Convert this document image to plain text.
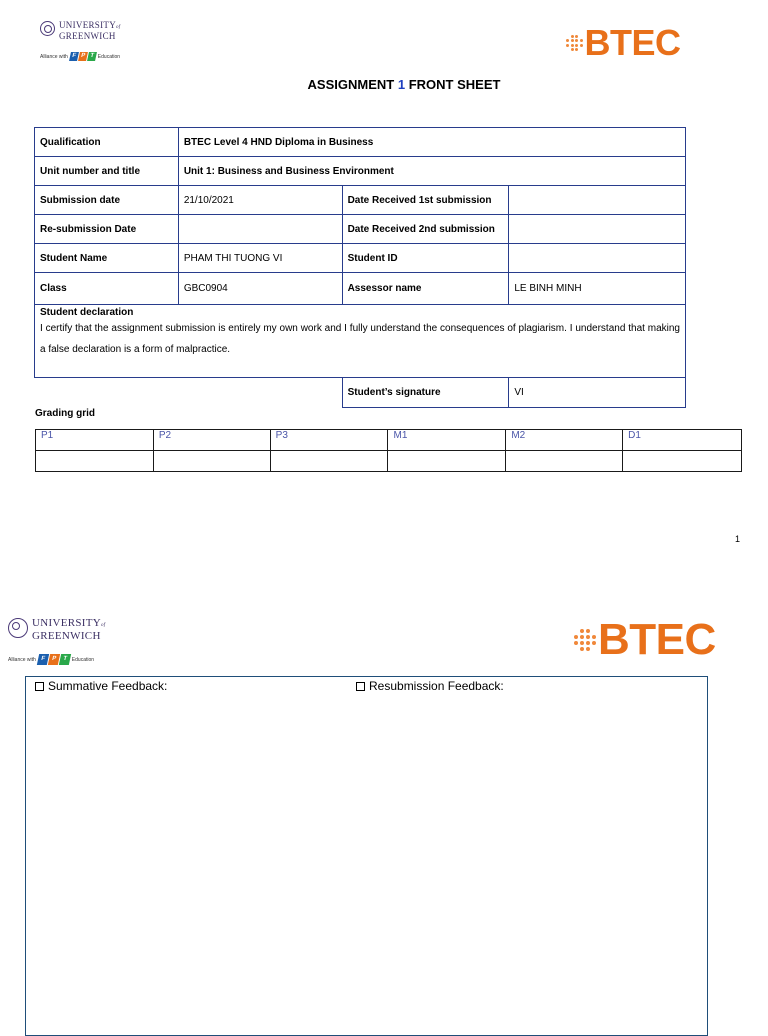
UNIVERSITYof
GREENWICH
Alliance with F P T Education	BTEC
ASSIGNMENT 1 FRONT SHEET
Qualification	BTEC Level 4 HND Diploma in Business		
Unit number and title	Unit 1: Business and Business Environment		
Submission date	21/10/2021	Date Received 1st submission	
Re-submission Date		Date Received 2nd submission	
Student Name	PHAM THI TUONG VI	Student ID	
Class	GBC0904	Assessor name	LE BINH MINH

Student declaration
I certify that the assignment submission is entirely my own work and I fully understand the consequences of plagiarism. I understand that making a false declaration is a form of malpractice.			

		Student’s signature	VI
Grading grid
P1	P2	P3	M1	M2	D1

1
UNIVERSITYof
GREENWICH
Alliance with F P T Education	BTEC
Summative Feedback:	Resubmission Feedback:
